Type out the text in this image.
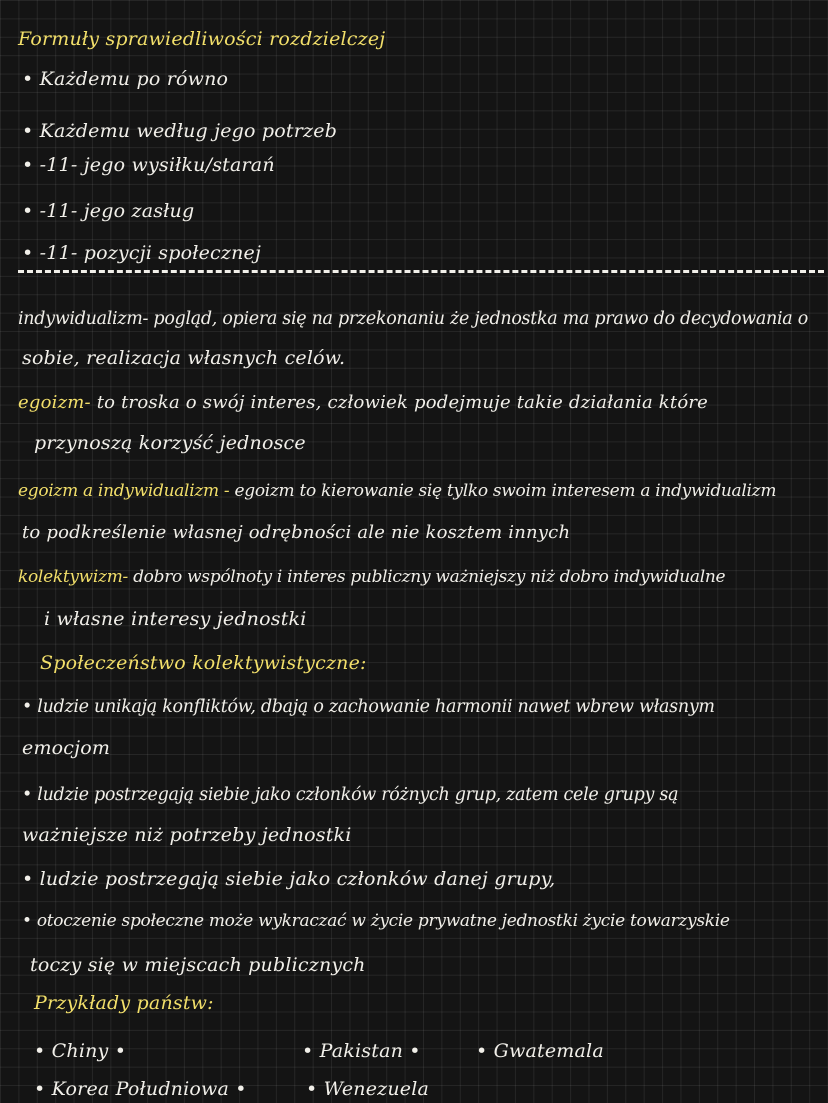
Formuły sprawiedliwości rozdzielczej
• Każdemu po równo
• Każdemu według jego potrzeb
• -11- jego wysiłku/starań
• -11- jego zasług
• -11- pozycji społecznej
indywidualizm- pogląd, opiera się na przekonaniu że jednostka ma prawo do decydowania o
sobie, realizacja własnych celów.
egoizm- to troska o swój interes, człowiek podejmuje takie działania które
przynoszą korzyść jednosce
egoizm a indywidualizm - egoizm to kierowanie się tylko swoim interesem a indywidualizm
to podkreślenie własnej odrębności ale nie kosztem innych
kolektywizm- dobro wspólnoty i interes publiczny ważniejszy niż dobro indywidualne
i własne interesy jednostki
Społeczeństwo kolektywistyczne:
• ludzie unikają konfliktów, dbają o zachowanie harmonii nawet wbrew własnym
emocjom
• ludzie postrzegają siebie jako członków różnych grup, zatem cele grupy są
ważniejsze niż potrzeby jednostki
• ludzie postrzegają siebie jako członków danej grupy,
• otoczenie społeczne może wykraczać w życie prywatne jednostki życie towarzyskie
toczy się w miejscach publicznych
Przykłady państw:
• Chiny •	• Pakistan •	• Gwatemala
• Korea Południowa •	• Wenezuela
